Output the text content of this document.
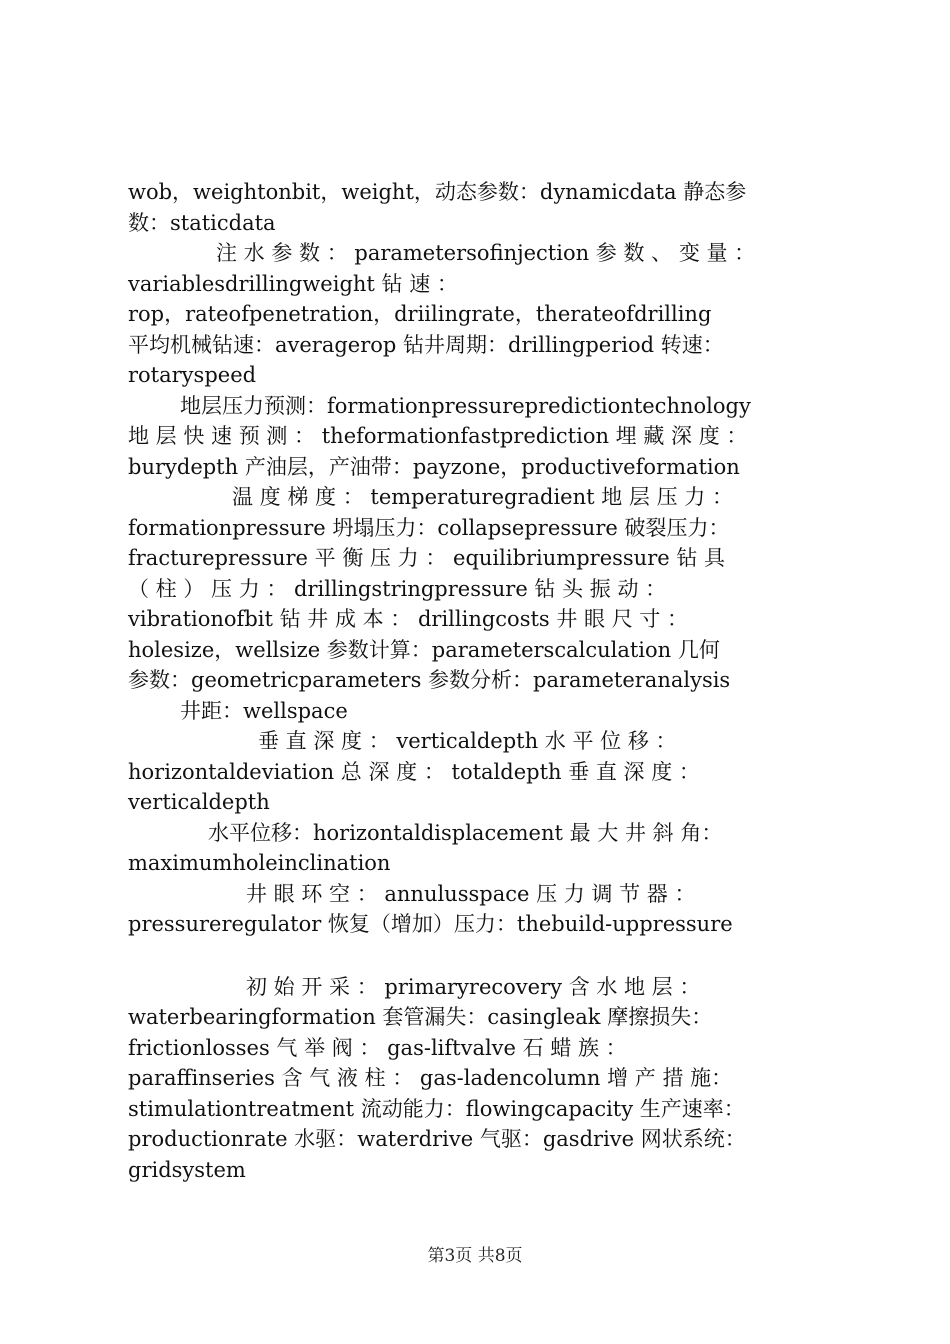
wob，weightonbit，weight，动态参数：dynamicdata 静态参
数：staticdata
注 水 参 数 ： parametersofinjection 参 数 、 变 量 ：
variablesdrillingweight 钻 速 ：
rop，rateofpenetration，driilingrate，therateofdrilling
平均机械钻速：averagerop 钻井周期：drillingperiod 转速：
rotaryspeed
地层压力预测：formationpressurepredictiontechnology
地 层 快 速 预 测 ： theformationfastprediction 埋 藏 深 度 ：
burydepth 产油层，产油带：payzone，productiveformation
温 度 梯 度 ： temperaturegradient 地 层 压 力 ：
formationpressure 坍塌压力：collapsepressure 破裂压力：
fracturepressure 平 衡 压 力 ： equilibriumpressure 钻 具
（ 柱 ） 压 力 ： drillingstringpressure 钻 头 振 动 ：
vibrationofbit 钻 井 成 本 ： drillingcosts 井 眼 尺 寸 ：
holesize，wellsize 参数计算：parameterscalculation 几何
参数：geometricparameters 参数分析：parameteranalysis
井距：wellspace
垂 直 深 度 ： verticaldepth 水 平 位 移 ：
horizontaldeviation 总 深 度 ： totaldepth 垂 直 深 度 ：
verticaldepth
水平位移：horizontaldisplacement 最 大 井 斜 角：
maximumholeinclination
井 眼 环 空 ： annulusspace 压 力 调 节 器 ：
pressureregulator 恢复（增加）压力：thebuild-uppressure
初 始 开 采 ： primaryrecovery 含 水 地 层 ：
waterbearingformation 套管漏失：casingleak 摩擦损失：
frictionlosses 气 举 阀 ： gas-liftvalve 石 蜡 族 ：
paraffinseries 含 气 液 柱 ： gas-ladencolumn 增 产 措 施：
stimulationtreatment 流动能力：flowingcapacity 生产速率：
productionrate 水驱：waterdrive 气驱：gasdrive 网状系统：
gridsystem
第3页 共8页
